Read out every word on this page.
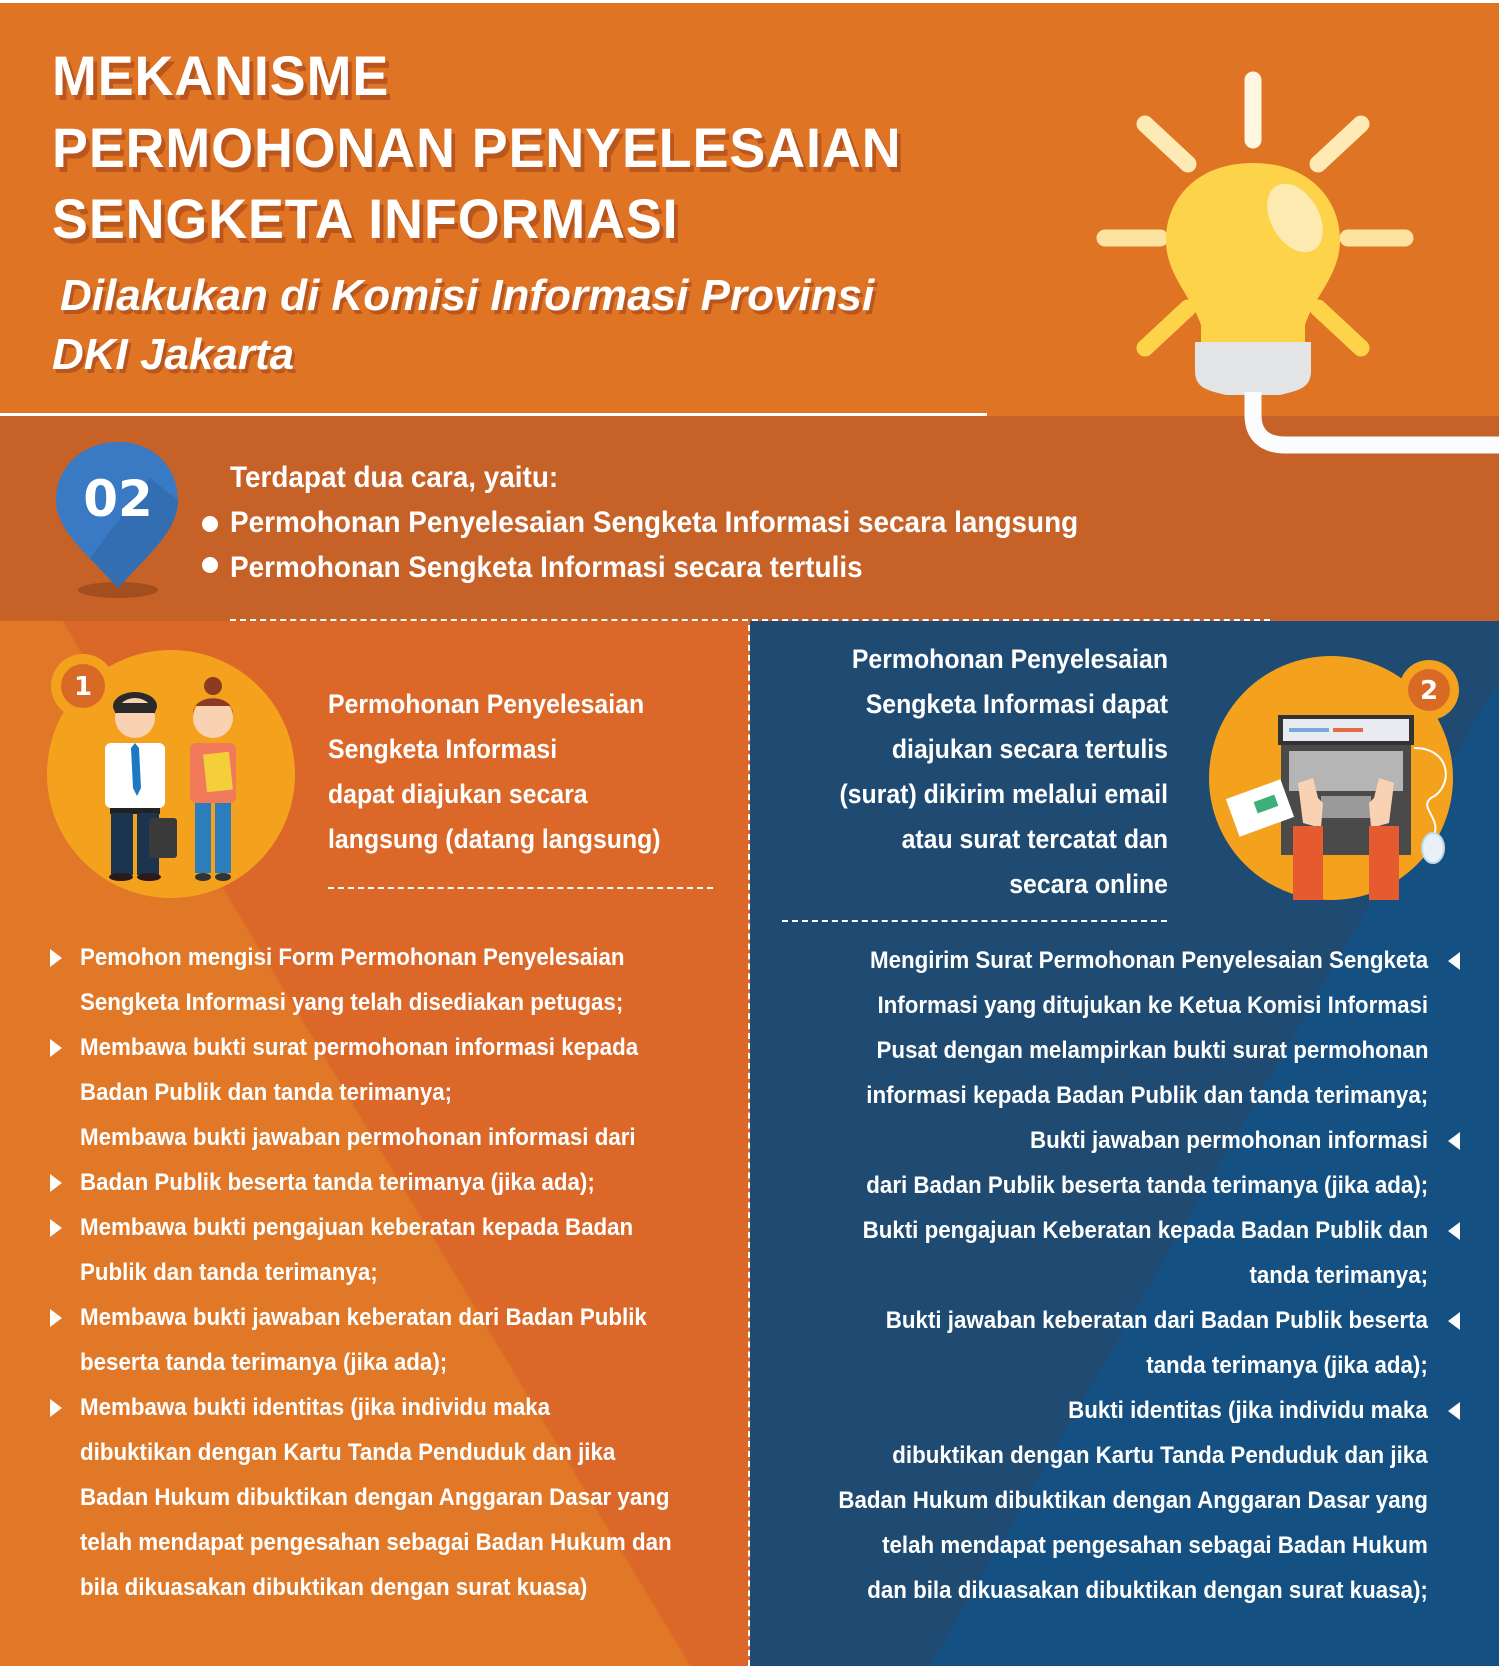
MEKANISME
PERMOHONAN PENYELESAIAN
SENGKETA INFORMASI
Dilakukan di Komisi Informasi Provinsi
DKI Jakarta
02	Terdapat dua cara, yaitu:
Permohonan Penyelesaian Sengketa Informasi secara langsung
Permohonan Sengketa Informasi secara tertulis
1	2
Permohonan Penyelesaian
Sengketa Informasi
dapat diajukan secara
langsung (datang langsung)
Permohonan Penyelesaian
Sengketa Informasi dapat
diajukan secara tertulis
(surat) dikirim melalui email
atau surat tercatat dan
secara online
Pemohon mengisi Form Permohonan Penyelesaian
Sengketa Informasi yang telah disediakan petugas;
Membawa bukti surat permohonan informasi kepada
Badan Publik dan tanda terimanya;
Membawa bukti jawaban permohonan informasi dari
Badan Publik beserta tanda terimanya (jika ada);
Membawa bukti pengajuan keberatan kepada Badan
Publik dan tanda terimanya;
Membawa bukti jawaban keberatan dari Badan Publik
beserta tanda terimanya (jika ada);
Membawa bukti identitas (jika individu maka
dibuktikan dengan Kartu Tanda Penduduk dan jika
Badan Hukum dibuktikan dengan Anggaran Dasar yang
telah mendapat pengesahan sebagai Badan Hukum dan
bila dikuasakan dibuktikan dengan surat kuasa)
Mengirim Surat Permohonan Penyelesaian Sengketa
Informasi yang ditujukan ke Ketua Komisi Informasi
Pusat dengan melampirkan bukti surat permohonan
informasi kepada Badan Publik dan tanda terimanya;
Bukti jawaban permohonan informasi
dari Badan Publik beserta tanda terimanya (jika ada);
Bukti pengajuan Keberatan kepada Badan Publik dan
tanda terimanya;
Bukti jawaban keberatan dari Badan Publik beserta
tanda terimanya (jika ada);
Bukti identitas (jika individu maka
dibuktikan dengan Kartu Tanda Penduduk dan jika
Badan Hukum dibuktikan dengan Anggaran Dasar yang
telah mendapat pengesahan sebagai Badan Hukum
dan bila dikuasakan dibuktikan dengan surat kuasa);
